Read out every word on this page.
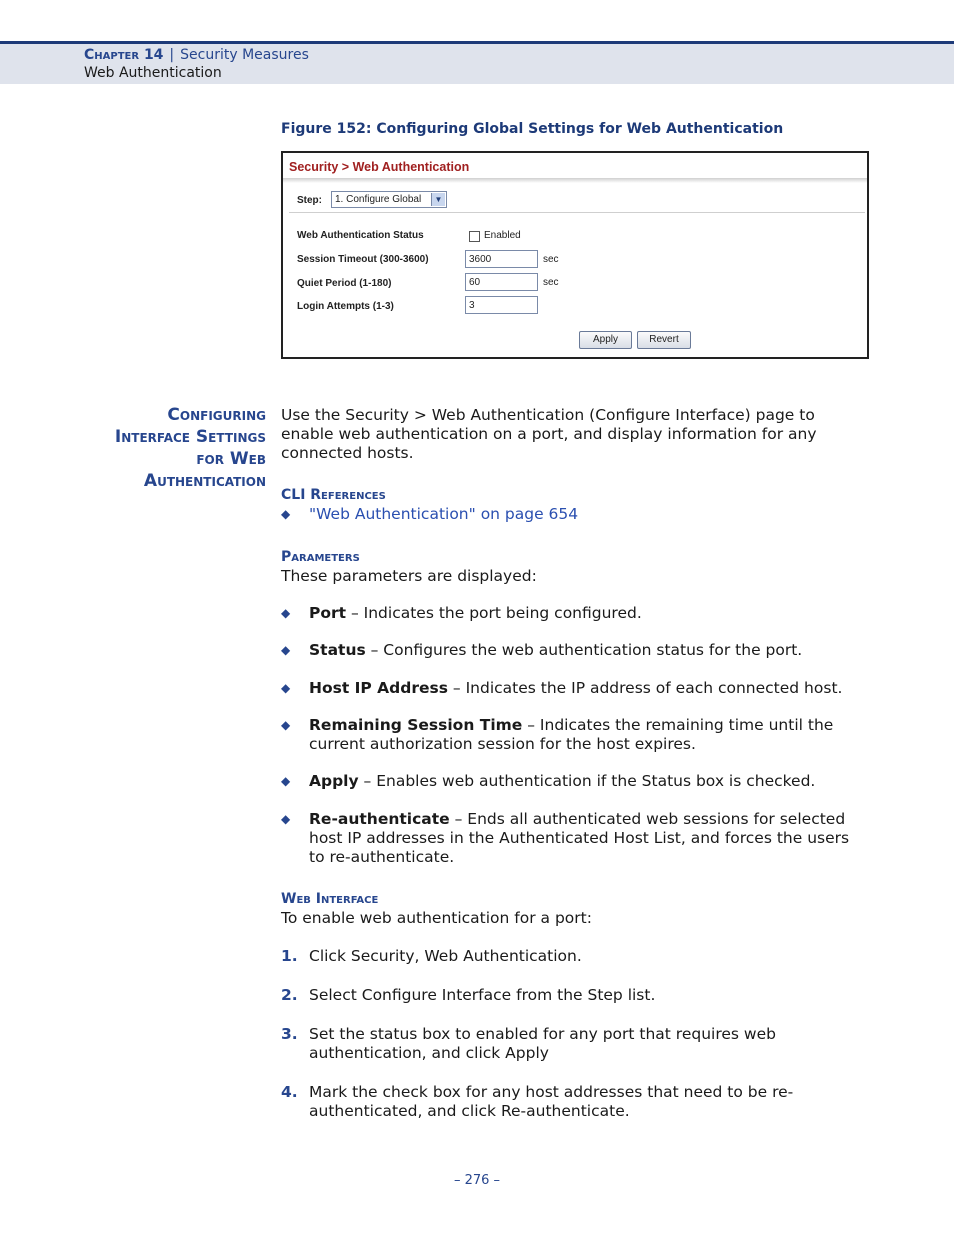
Chapter 14 | Security Measures
Web Authentication
Figure 152: Configuring Global Settings for Web Authentication
Security > Web Authentication
Step: 1. Configure Global	▼
Web Authentication Status	Enabled
Session Timeout (300-3600)	3600	sec
Quiet Period (1-180)	60	sec
Login Attempts (1-3)	3
Apply	Revert
Configuring
Interface Settings
for Web
Authentication
Use the Security > Web Authentication (Configure Interface) page to enable web authentication on a port, and display information for any connected hosts.
CLI References
◆ "Web Authentication" on page 654
Parameters
These parameters are displayed:
◆ Port – Indicates the port being configured.
◆ Status – Configures the web authentication status for the port.
◆ Host IP Address – Indicates the IP address of each connected host.
◆ Remaining Session Time – Indicates the remaining time until the current authorization session for the host expires.
◆ Apply – Enables web authentication if the Status box is checked.
◆ Re-authenticate – Ends all authenticated web sessions for selected host IP addresses in the Authenticated Host List, and forces the users to re-authenticate.
Web Interface
To enable web authentication for a port:
1. Click Security, Web Authentication.
2. Select Configure Interface from the Step list.
3. Set the status box to enabled for any port that requires web authentication, and click Apply
4. Mark the check box for any host addresses that need to be re-authenticated, and click Re-authenticate.
– 276 –
